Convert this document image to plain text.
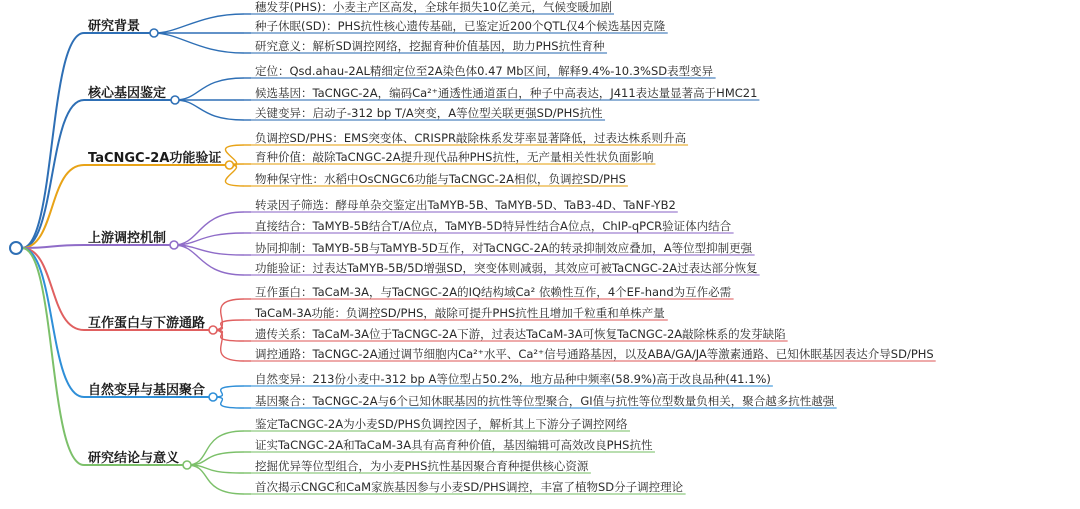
研究背景
穗发芽(PHS)：小麦主产区高发，全球年损失10亿美元，气候变暖加剧
种子休眠(SD)：PHS抗性核心遗传基础，已鉴定近200个QTL仅4个候选基因克隆
研究意义：解析SD调控网络，挖掘育种价值基因，助力PHS抗性育种
核心基因鉴定
定位：Qsd.ahau-2AL精细定位至2A染色体0.47 Mb区间，解释9.4%-10.3%SD表型变异
候选基因：TaCNGC-2A，编码Ca²⁺通透性通道蛋白，种子中高表达，J411表达量显著高于HMC21
关键变异：启动子-312 bp T/A突变，A等位型关联更强SD/PHS抗性
TaCNGC-2A功能验证
负调控SD/PHS：EMS突变体、CRISPR敲除株系发芽率显著降低，过表达株系则升高
育种价值：敲除TaCNGC-2A提升现代品种PHS抗性，无产量相关性状负面影响
物种保守性：水稻中OsCNGC6功能与TaCNGC-2A相似，负调控SD/PHS
上游调控机制
转录因子筛选：酵母单杂交鉴定出TaMYB-5B、TaMYB-5D、TaB3-4D、TaNF-YB2
直接结合：TaMYB-5B结合T/A位点，TaMYB-5D特异性结合A位点，ChIP-qPCR验证体内结合
协同抑制：TaMYB-5B与TaMYB-5D互作，对TaCNGC-2A的转录抑制效应叠加，A等位型抑制更强
功能验证：过表达TaMYB-5B/5D增强SD，突变体则减弱，其效应可被TaCNGC-2A过表达部分恢复
互作蛋白与下游通路
互作蛋白：TaCaM-3A，与TaCNGC-2A的IQ结构域Ca² 依赖性互作，4个EF-hand为互作必需
TaCaM-3A功能：负调控SD/PHS，敲除可提升PHS抗性且增加千粒重和单株产量
遗传关系：TaCaM-3A位于TaCNGC-2A下游，过表达TaCaM-3A可恢复TaCNGC-2A敲除株系的发芽缺陷
调控通路：TaCNGC-2A通过调节细胞内Ca²⁺水平、Ca²⁺信号通路基因，以及ABA/GA/JA等激素通路、已知休眠基因表达介导SD/PHS
自然变异与基因聚合
自然变异：213份小麦中-312 bp A等位型占50.2%，地方品种中频率(58.9%)高于改良品种(41.1%)
基因聚合：TaCNGC-2A与6个已知休眠基因的抗性等位型聚合，GI值与抗性等位型数量负相关，聚合越多抗性越强
研究结论与意义
鉴定TaCNGC-2A为小麦SD/PHS负调控因子，解析其上下游分子调控网络
证实TaCNGC-2A和TaCaM-3A具有高育种价值，基因编辑可高效改良PHS抗性
挖掘优异等位型组合，为小麦PHS抗性基因聚合育种提供核心资源
首次揭示CNGC和CaM家族基因参与小麦SD/PHS调控，丰富了植物SD分子调控理论
